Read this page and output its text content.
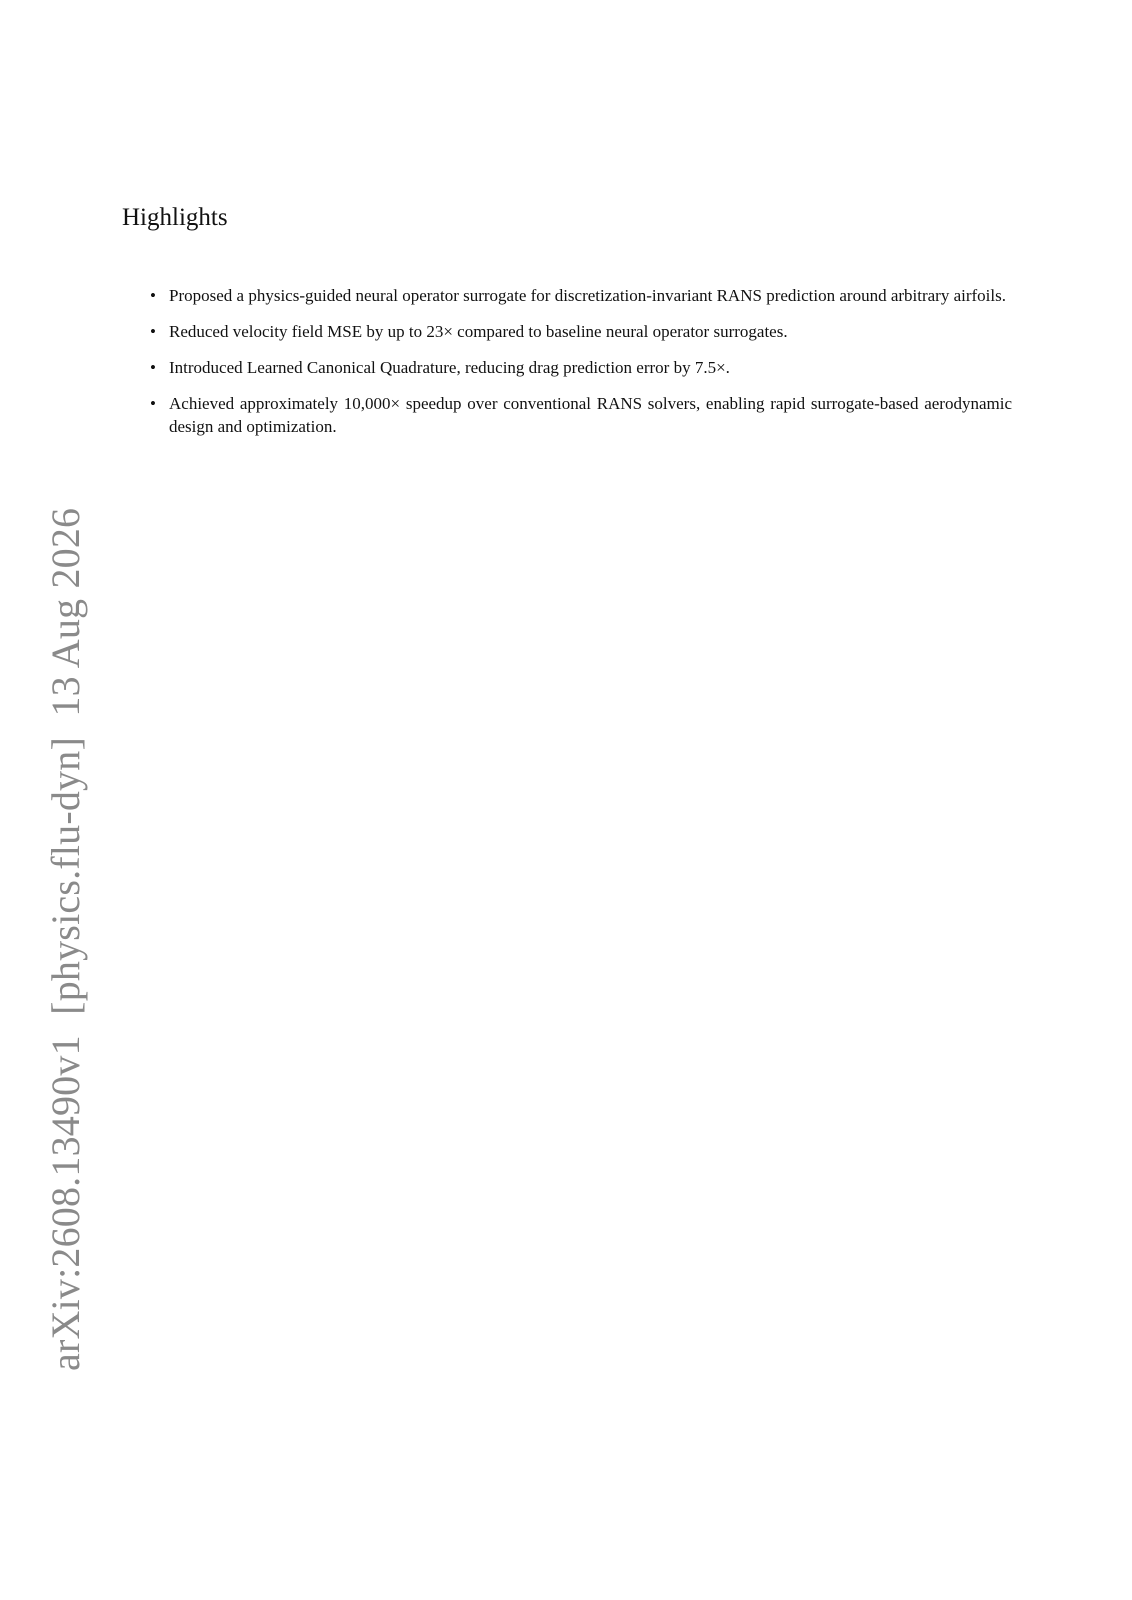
arXiv:2608.13490v1  [physics.flu-dyn]  13 Aug 2026
Highlights
• Proposed a physics-guided neural operator surrogate for discretization-invariant RANS prediction around arbitrary airfoils.
• Reduced velocity field MSE by up to 23× compared to baseline neural operator surrogates.
• Introduced Learned Canonical Quadrature, reducing drag prediction error by 7.5×.
• Achieved approximately 10,000× speedup over conventional RANS solvers, enabling rapid surrogate-based aerodynamic design and optimization.
